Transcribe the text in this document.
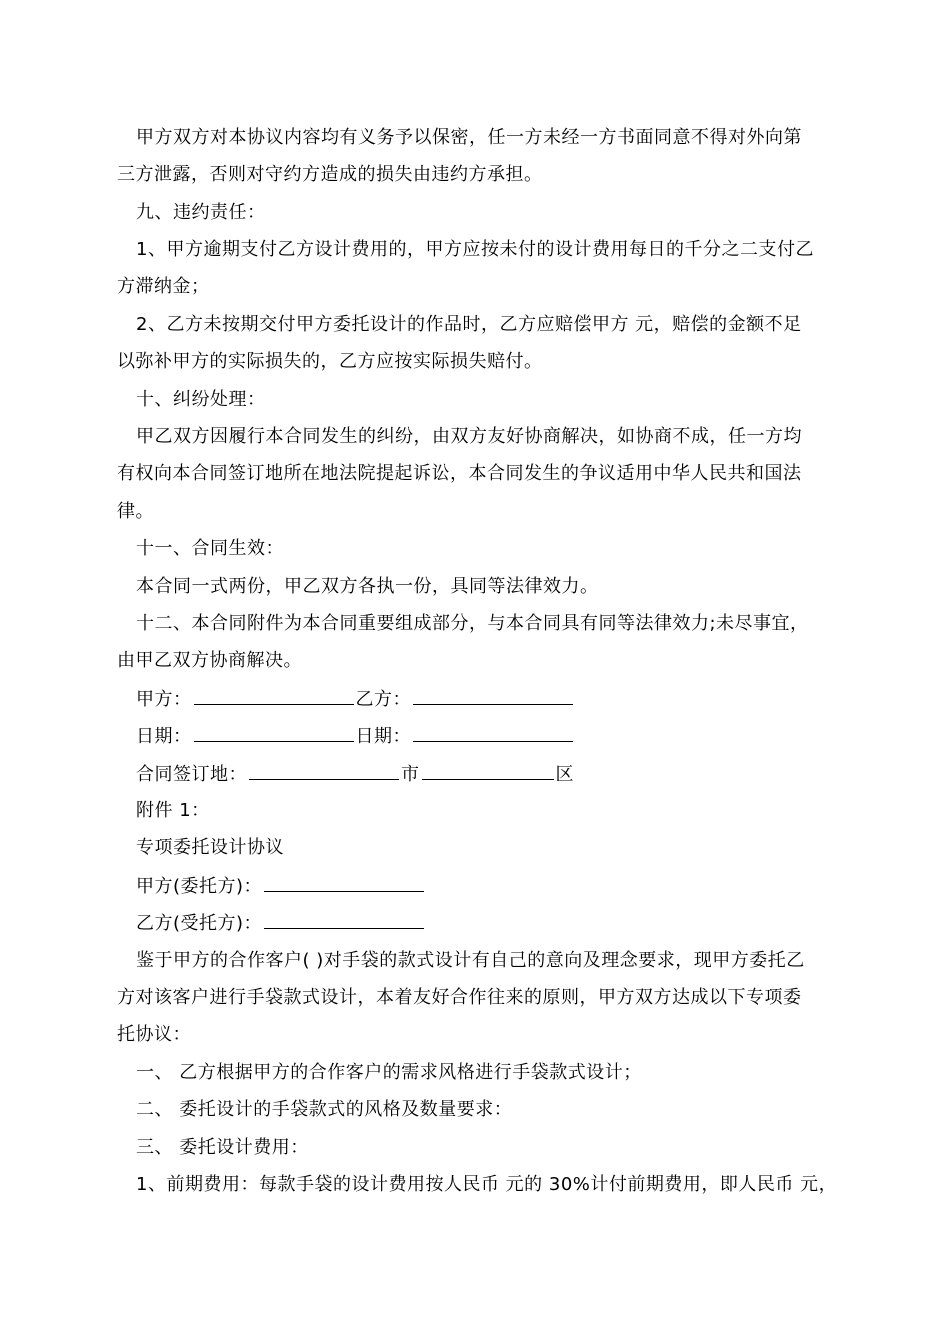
甲方双方对本协议内容均有义务予以保密，任一方未经一方书面同意不得对外向第
三方泄露，否则对守约方造成的损失由违约方承担。
九、违约责任：
1、甲方逾期支付乙方设计费用的，甲方应按未付的设计费用每日的千分之二支付乙
方滞纳金；
2、乙方未按期交付甲方委托设计的作品时，乙方应赔偿甲方 元，赔偿的金额不足
以弥补甲方的实际损失的，乙方应按实际损失赔付。
十、纠纷处理：
甲乙双方因履行本合同发生的纠纷，由双方友好协商解决，如协商不成，任一方均
有权向本合同签订地所在地法院提起诉讼，本合同发生的争议适用中华人民共和国法
律。
十一、合同生效：
本合同一式两份，甲乙双方各执一份，具同等法律效力。
十二、本合同附件为本合同重要组成部分，与本合同具有同等法律效力;未尽事宜，
由甲乙双方协商解决。
甲方：	乙方：
日期：	日期：
合同签订地：	市	区
附件 1：
专项委托设计协议
甲方(委托方)：
乙方(受托方)：
鉴于甲方的合作客户( )对手袋的款式设计有自己的意向及理念要求，现甲方委托乙
方对该客户进行手袋款式设计，本着友好合作往来的原则，甲方双方达成以下专项委
托协议：
一、 乙方根据甲方的合作客户的需求风格进行手袋款式设计；
二、 委托设计的手袋款式的风格及数量要求：
三、 委托设计费用：
1、前期费用：每款手袋的设计费用按人民币 元的 30%计付前期费用，即人民币 元，
